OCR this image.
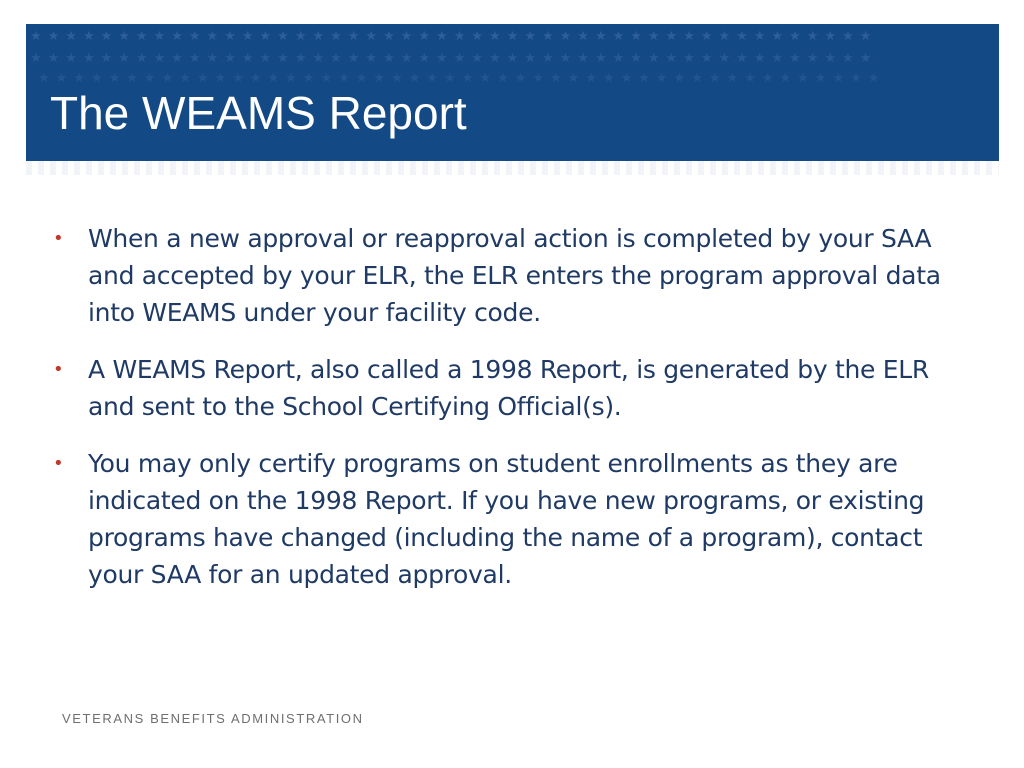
★★★★★★★★★★★★★★★★★★★★★★★★★★★★★★★★★★★★★★★★★★★★★★★★
★★★★★★★★★★★★★★★★★★★★★★★★★★★★★★★★★★★★★★★★★★★★★★★★
★★★★★★★★★★★★★★★★★★★★★★★★★★★★★★★★★★★★★★★★★★★★★★★★
The WEAMS Report
• When a new approval or reapproval action is completed by your SAA and accepted by your ELR, the ELR enters the program approval data into WEAMS under your facility code.
• A WEAMS Report, also called a 1998 Report, is generated by the ELR and sent to the School Certifying Official(s).
• You may only certify programs on student enrollments as they are indicated on the 1998 Report. If you have new programs, or existing programs have changed (including the name of a program), contact your SAA for an updated approval.
VETERANS BENEFITS ADMINISTRATION
